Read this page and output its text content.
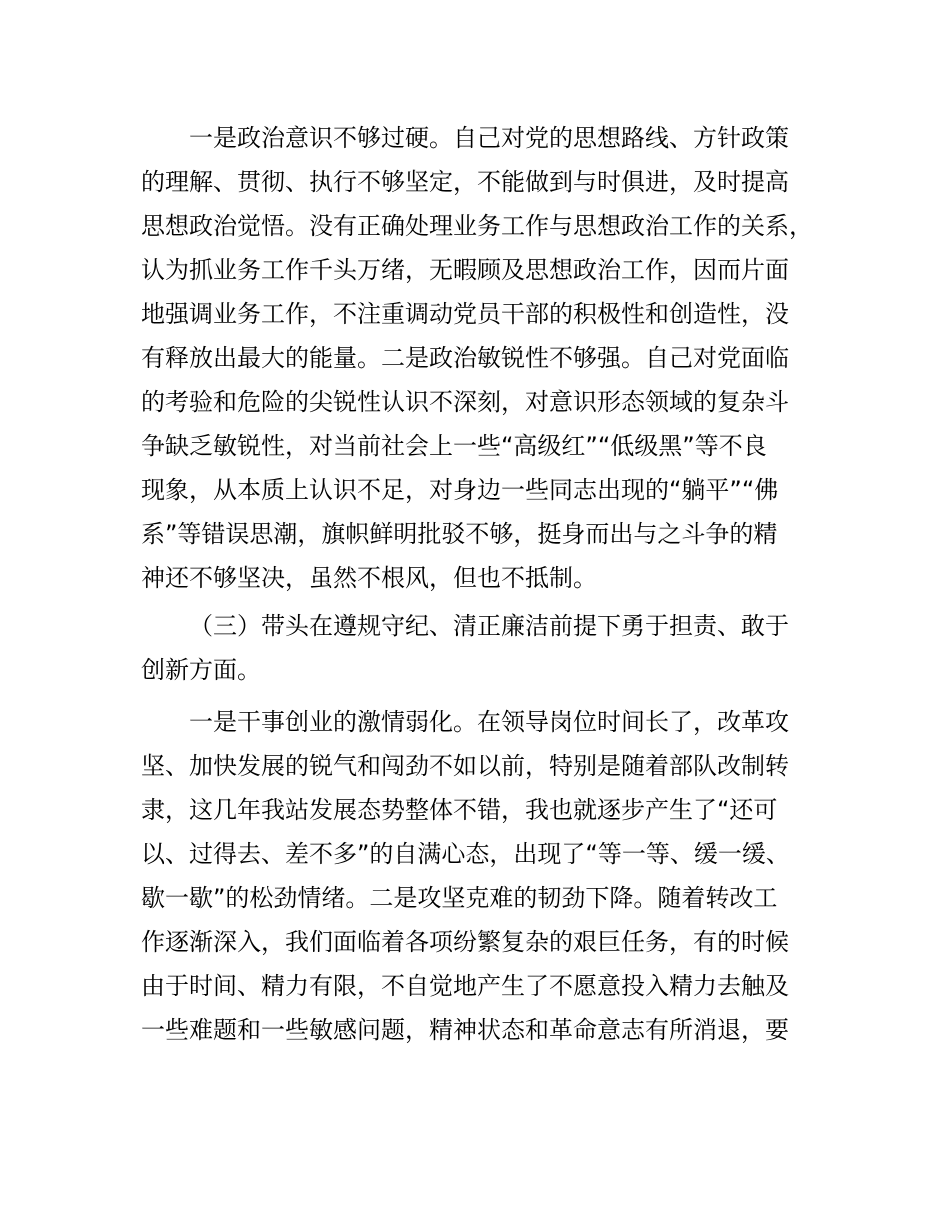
一是政治意识不够过硬。自己对党的思想路线、方针政策
的理解、贯彻、执行不够坚定，不能做到与时俱进，及时提高
思想政治觉悟。没有正确处理业务工作与思想政治工作的关系，
认为抓业务工作千头万绪，无暇顾及思想政治工作，因而片面
地强调业务工作，不注重调动党员干部的积极性和创造性，没
有释放出最大的能量。二是政治敏锐性不够强。自己对党面临
的考验和危险的尖锐性认识不深刻，对意识形态领域的复杂斗
争缺乏敏锐性，对当前社会上一些“高级红”“低级黑”等不良
现象，从本质上认识不足，对身边一些同志出现的“躺平”“佛
系”等错误思潮，旗帜鲜明批驳不够，挺身而出与之斗争的精
神还不够坚决，虽然不根风，但也不抵制。
（三）带头在遵规守纪、清正廉洁前提下勇于担责、敢于
创新方面。
一是干事创业的激情弱化。在领导岗位时间长了，改革攻
坚、加快发展的锐气和闯劲不如以前，特别是随着部队改制转
隶，这几年我站发展态势整体不错，我也就逐步产生了“还可
以、过得去、差不多”的自满心态，出现了“等一等、缓一缓、
歇一歇”的松劲情绪。二是攻坚克难的韧劲下降。随着转改工
作逐渐深入，我们面临着各项纷繁复杂的艰巨任务，有的时候
由于时间、精力有限，不自觉地产生了不愿意投入精力去触及
一些难题和一些敏感问题，精神状态和革命意志有所消退，要
